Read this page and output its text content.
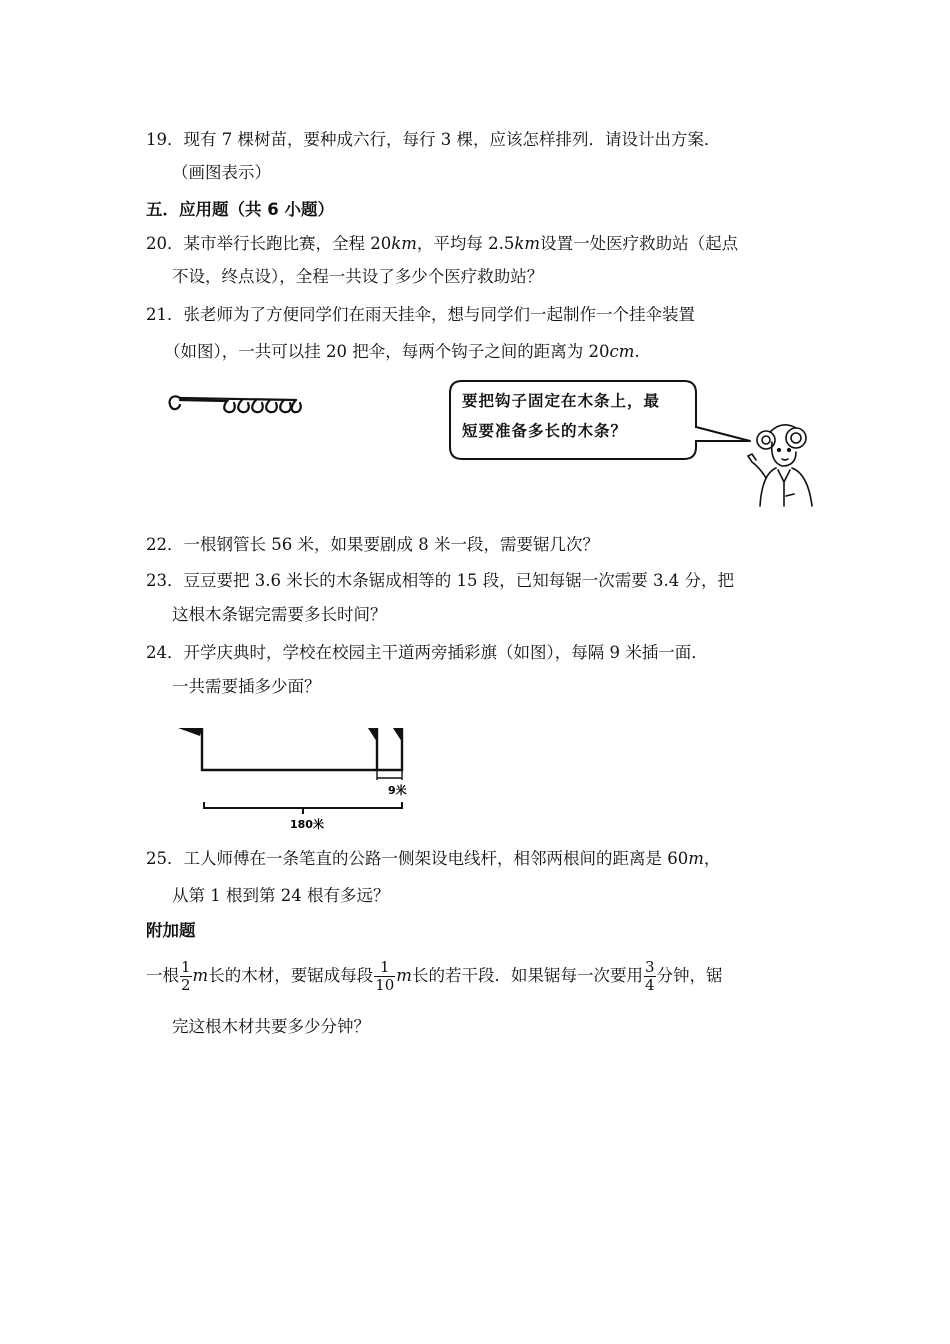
19．现有 7 棵树苗，要种成六行，每行 3 棵，应该怎样排列．请设计出方案．
（画图表示）
五．应用题（共 6 小题）
20．某市举行长跑比赛，全程 20km，平均每 2.5km设置一处医疗救助站（起点
不设，终点设），全程一共设了多少个医疗救助站？
21．张老师为了方便同学们在雨天挂伞，想与同学们一起制作一个挂伞装置
（如图），一共可以挂 20 把伞，每两个钩子之间的距离为 20cm.
要把钩子固定在木条上，最
短要准备多长的木条？
22．一根钢管长 56 米，如果要剧成 8 米一段，需要锯几次？
23．豆豆要把 3.6 米长的木条锯成相等的 15 段，已知每锯一次需要 3.4 分，把
这根木条锯完需要多长时间？
24．开学庆典时，学校在校园主干道两旁插彩旗（如图），每隔 9 米插一面．
一共需要插多少面？
9米
180米
25．工人师傅在一条笔直的公路一侧架设电线杆，相邻两根间的距离是 60m，
从第 1 根到第 24 根有多远？
附加题
一根 $\frac{1}{2}$ m长的木材，要锯成每段 $\frac{1}{10}$ m长的若干段．如果锯每一次要用 $\frac{3}{4}$ 分钟，锯
完这根木材共要多少分钟？
